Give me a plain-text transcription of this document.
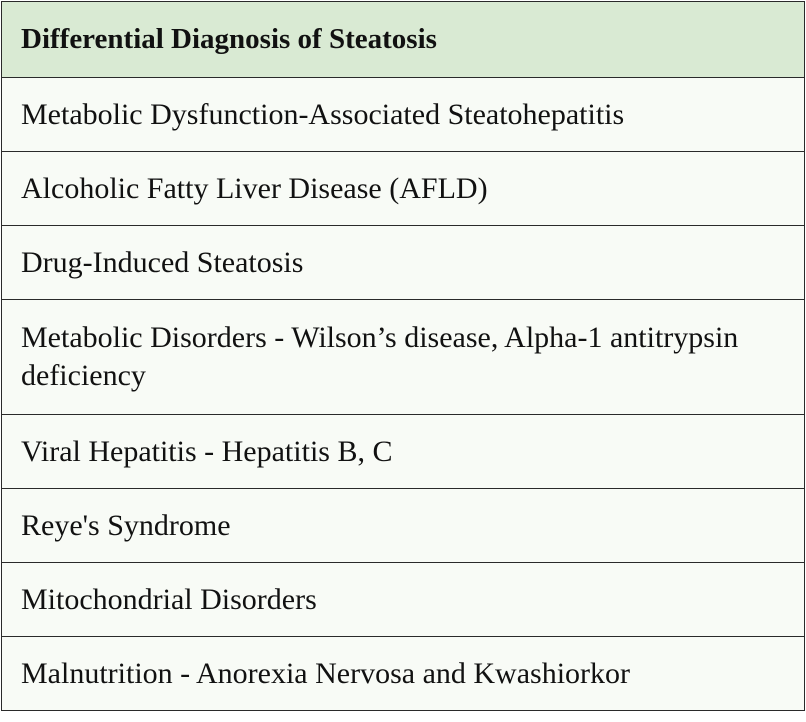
Differential Diagnosis of Steatosis
Metabolic Dysfunction-Associated Steatohepatitis
Alcoholic Fatty Liver Disease (AFLD)
Drug-Induced Steatosis
Metabolic Disorders - Wilson’s disease, Alpha-1 antitrypsin deficiency
Viral Hepatitis - Hepatitis B, C
Reye's Syndrome
Mitochondrial Disorders
Malnutrition - Anorexia Nervosa and Kwashiorkor
